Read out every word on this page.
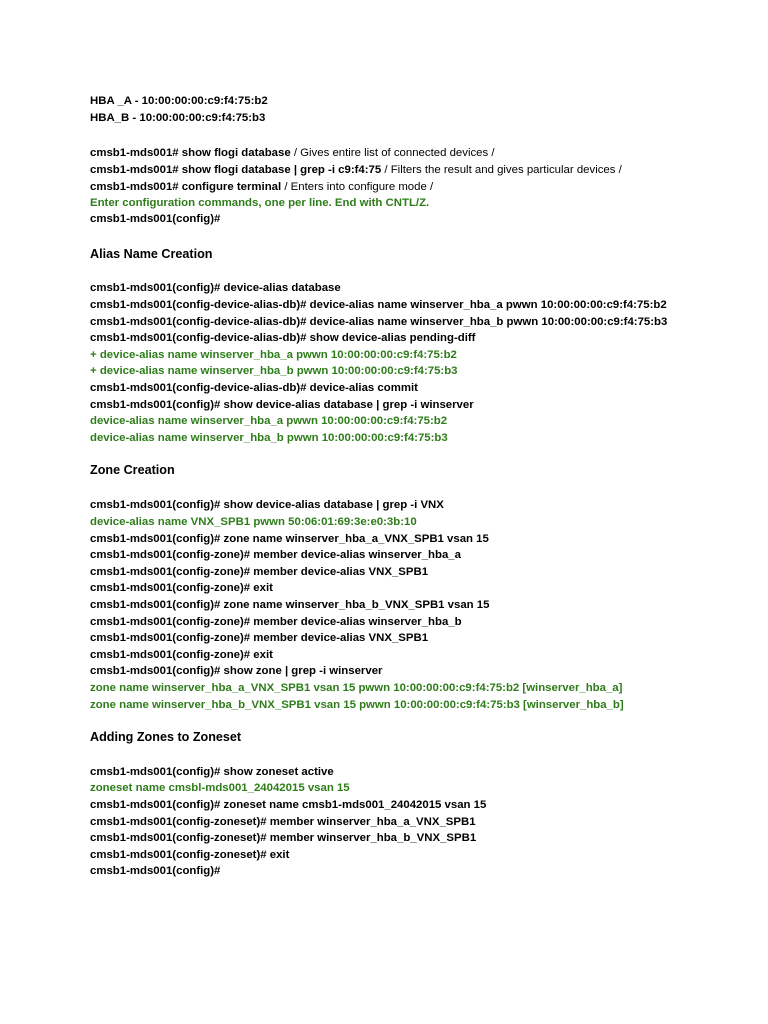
HBA _A - 10:00:00:00:c9:f4:75:b2
HBA_B - 10:00:00:00:c9:f4:75:b3
cmsb1-mds001# show flogi database / Gives entire list of connected devices /
cmsb1-mds001# show flogi database | grep -i c9:f4:75 / Filters the result and gives particular devices /
cmsb1-mds001# configure terminal / Enters into configure mode /
Enter configuration commands, one per line. End with CNTL/Z.
cmsb1-mds001(config)#
Alias Name Creation
cmsb1-mds001(config)# device-alias database
cmsb1-mds001(config-device-alias-db)# device-alias name winserver_hba_a pwwn 10:00:00:00:c9:f4:75:b2
cmsb1-mds001(config-device-alias-db)# device-alias name winserver_hba_b pwwn 10:00:00:00:c9:f4:75:b3
cmsb1-mds001(config-device-alias-db)# show device-alias pending-diff
+ device-alias name winserver_hba_a pwwn 10:00:00:00:c9:f4:75:b2
+ device-alias name winserver_hba_b pwwn 10:00:00:00:c9:f4:75:b3
cmsb1-mds001(config-device-alias-db)# device-alias commit
cmsb1-mds001(config)# show device-alias database | grep -i winserver
device-alias name winserver_hba_a pwwn 10:00:00:00:c9:f4:75:b2
device-alias name winserver_hba_b pwwn 10:00:00:00:c9:f4:75:b3
Zone Creation
cmsb1-mds001(config)# show device-alias database | grep -i VNX
device-alias name VNX_SPB1 pwwn 50:06:01:69:3e:e0:3b:10
cmsb1-mds001(config)# zone name winserver_hba_a_VNX_SPB1 vsan 15
cmsb1-mds001(config-zone)# member device-alias winserver_hba_a
cmsb1-mds001(config-zone)# member device-alias VNX_SPB1
cmsb1-mds001(config-zone)# exit
cmsb1-mds001(config)# zone name winserver_hba_b_VNX_SPB1 vsan 15
cmsb1-mds001(config-zone)# member device-alias winserver_hba_b
cmsb1-mds001(config-zone)# member device-alias VNX_SPB1
cmsb1-mds001(config-zone)# exit
cmsb1-mds001(config)# show zone | grep -i winserver
zone name winserver_hba_a_VNX_SPB1 vsan 15 pwwn 10:00:00:00:c9:f4:75:b2 [winserver_hba_a]
zone name winserver_hba_b_VNX_SPB1 vsan 15 pwwn 10:00:00:00:c9:f4:75:b3 [winserver_hba_b]
Adding Zones to Zoneset
cmsb1-mds001(config)# show zoneset active
zoneset name cmsbl-mds001_24042015 vsan 15
cmsb1-mds001(config)# zoneset name cmsb1-mds001_24042015 vsan 15
cmsb1-mds001(config-zoneset)# member winserver_hba_a_VNX_SPB1
cmsb1-mds001(config-zoneset)# member winserver_hba_b_VNX_SPB1
cmsb1-mds001(config-zoneset)# exit
cmsb1-mds001(config)#
